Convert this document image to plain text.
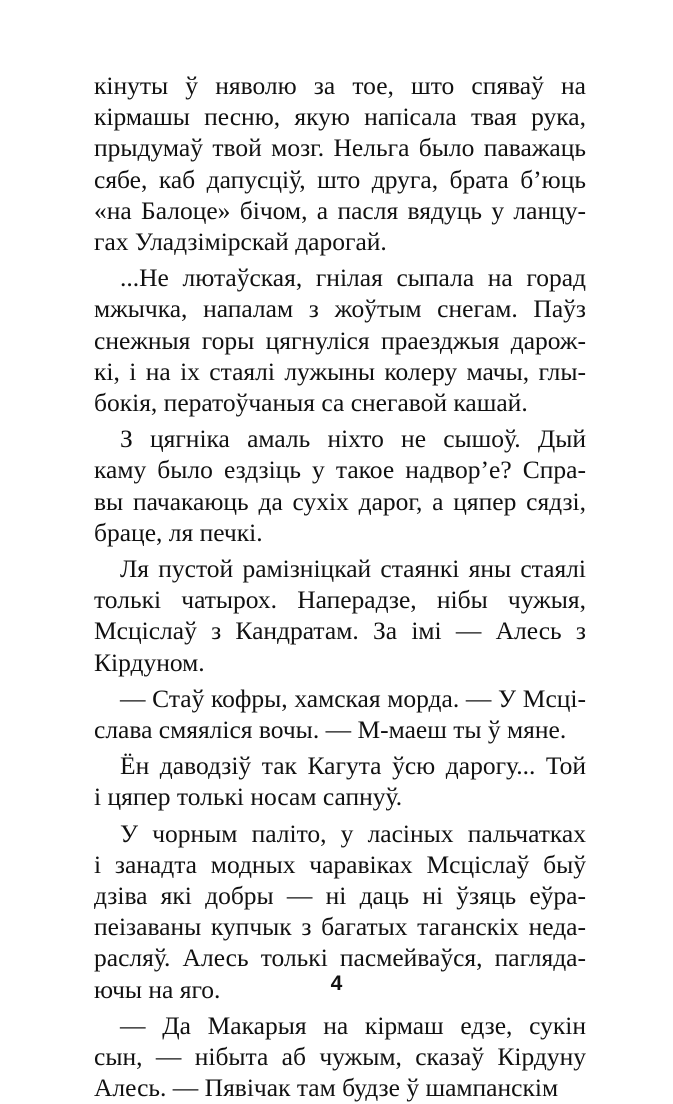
кінуты ў няволю за тое, што спяваў на
кірмашы песню, якую напісала твая рука,
прыдумаў твой мозг. Нельга было паважаць
сябе, каб дапусціў, што друга, брата б’юць
«на Балоце» бічом, а пасля вядуць у ланцу-
гах Уладзімірскай дарогай.
...Не лютаўская, гнілая сыпала на горад
мжычка, напалам з жоўтым снегам. Паўз
снежныя горы цягнуліся праезджыя дарож-
кі, і на іх стаялі лужыны колеру мачы, глы-
бокія, ператоўчаныя са снегавой кашай.
З цягніка амаль ніхто не сышоў. Дый
каму было ездзіць у такое надвор’е? Спра-
вы пачакаюць да сухіх дарог, а цяпер сядзі,
браце, ля печкі.
Ля пустой рамізніцкай стаянкі яны стаялі
толькі чатырох. Наперадзе, нібы чужыя,
Мсціслаў з Кандратам. За імі — Алесь з
Кірдуном.
— Стаў кофры, хамская морда. — У Мсці-
слава смяяліся вочы. — М-маеш ты ў мяне.
Ён даводзіў так Кагута ўсю дарогу... Той
і цяпер толькі носам сапнуў.
У чорным паліто, у ласіных пальчатках
і занадта модных чаравіках Мсціслаў быў
дзіва які добры — ні даць ні ўзяць еўра-
пеізаваны купчык з багатых таганскіх неда-
расляў. Алесь толькі пасмейваўся, пагляда-
ючы на яго.
— Да Макарыя на кірмаш едзе, сукін
сын, — нібыта аб чужым, сказаў Кірдуну
Алесь. — Пявічак там будзе ў шампанскім
4
